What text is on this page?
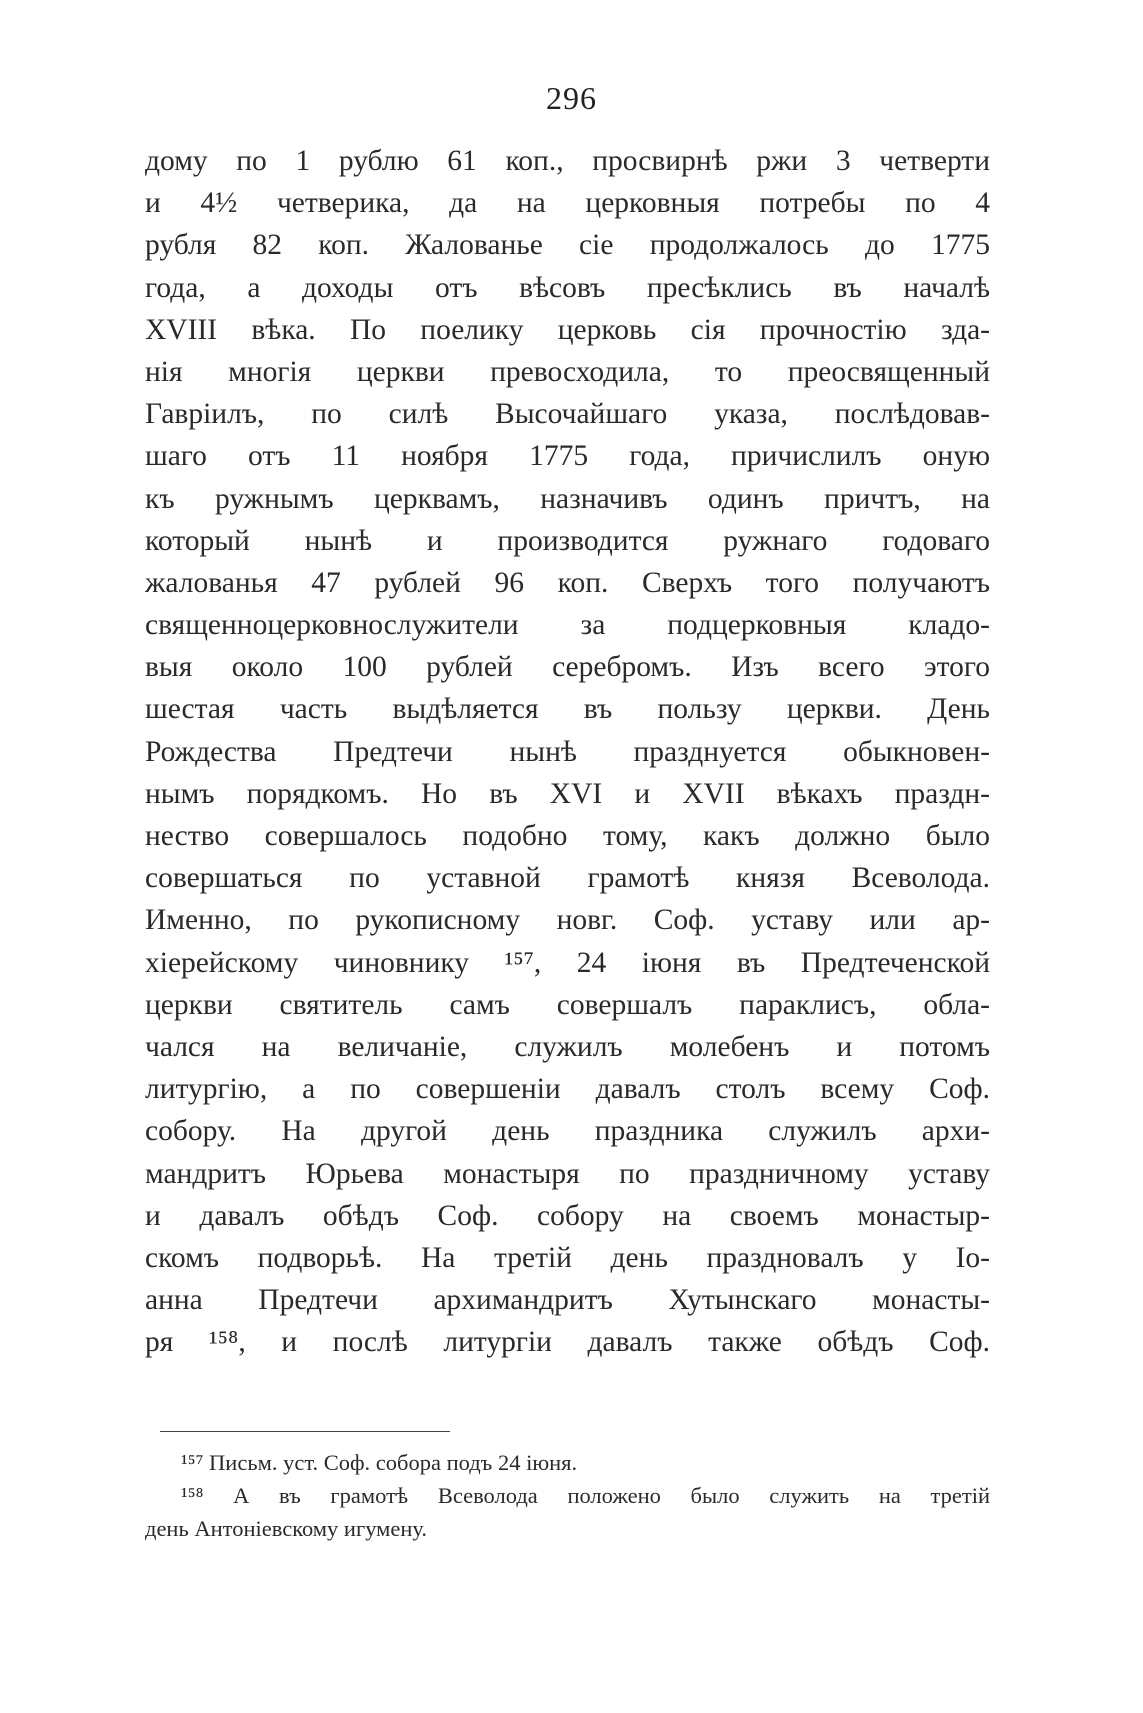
296
дому по 1 рублю 61 коп., просвирнѣ ржи 3 четверти
и 4½ четверика, да на церковныя потребы по 4
рубля 82 коп. Жалованье сіе продолжалось до 1775
года, а доходы отъ вѣсовъ пресѣклись въ началѣ
XVIII вѣка. По поелику церковь сія прочностію зда-
нія многія церкви превосходила, то преосвященный
Гавріилъ, по силѣ Высочайшаго указа, послѣдовав-
шаго отъ 11 ноября 1775 года, причислилъ оную
къ ружнымъ церквамъ, назначивъ одинъ причтъ, на
который нынѣ и производится ружнаго годоваго
жалованья 47 рублей 96 коп. Сверхъ того получаютъ
священноцерковнослужители за подцерковныя кладо-
выя около 100 рублей серебромъ. Изъ всего этого
шестая часть выдѣляется въ пользу церкви. День
Рождества Предтечи нынѣ празднуется обыкновен-
нымъ порядкомъ. Но въ XVI и XVII вѣкахъ праздн-
нество совершалось подобно тому, какъ должно было
совершаться по уставной грамотѣ князя Всеволода.
Именно, по рукописному новг. Соф. уставу или ар-
хіерейскому чиновнику ¹⁵⁷, 24 іюня въ Предтеченской
церкви святитель самъ совершалъ параклисъ, обла-
чался на величаніе, служилъ молебенъ и потомъ
литургію, а по совершеніи давалъ столъ всему Соф.
собору. На другой день праздника служилъ архи-
мандритъ Юрьева монастыря по праздничному уставу
и давалъ обѣдъ Соф. собору на своемъ монастыр-
скомъ подворьѣ. На третій день праздновалъ у Іо-
анна Предтечи архимандритъ Хутынскаго монасты-
ря ¹⁵⁸, и послѣ литургіи давалъ также обѣдъ Соф.
¹⁵⁷ Письм. уст. Соф. собора подъ 24 іюня.
¹⁵⁸ А въ грамотѣ Всеволода положено было служить на третій
день Антоніевскому игумену.
